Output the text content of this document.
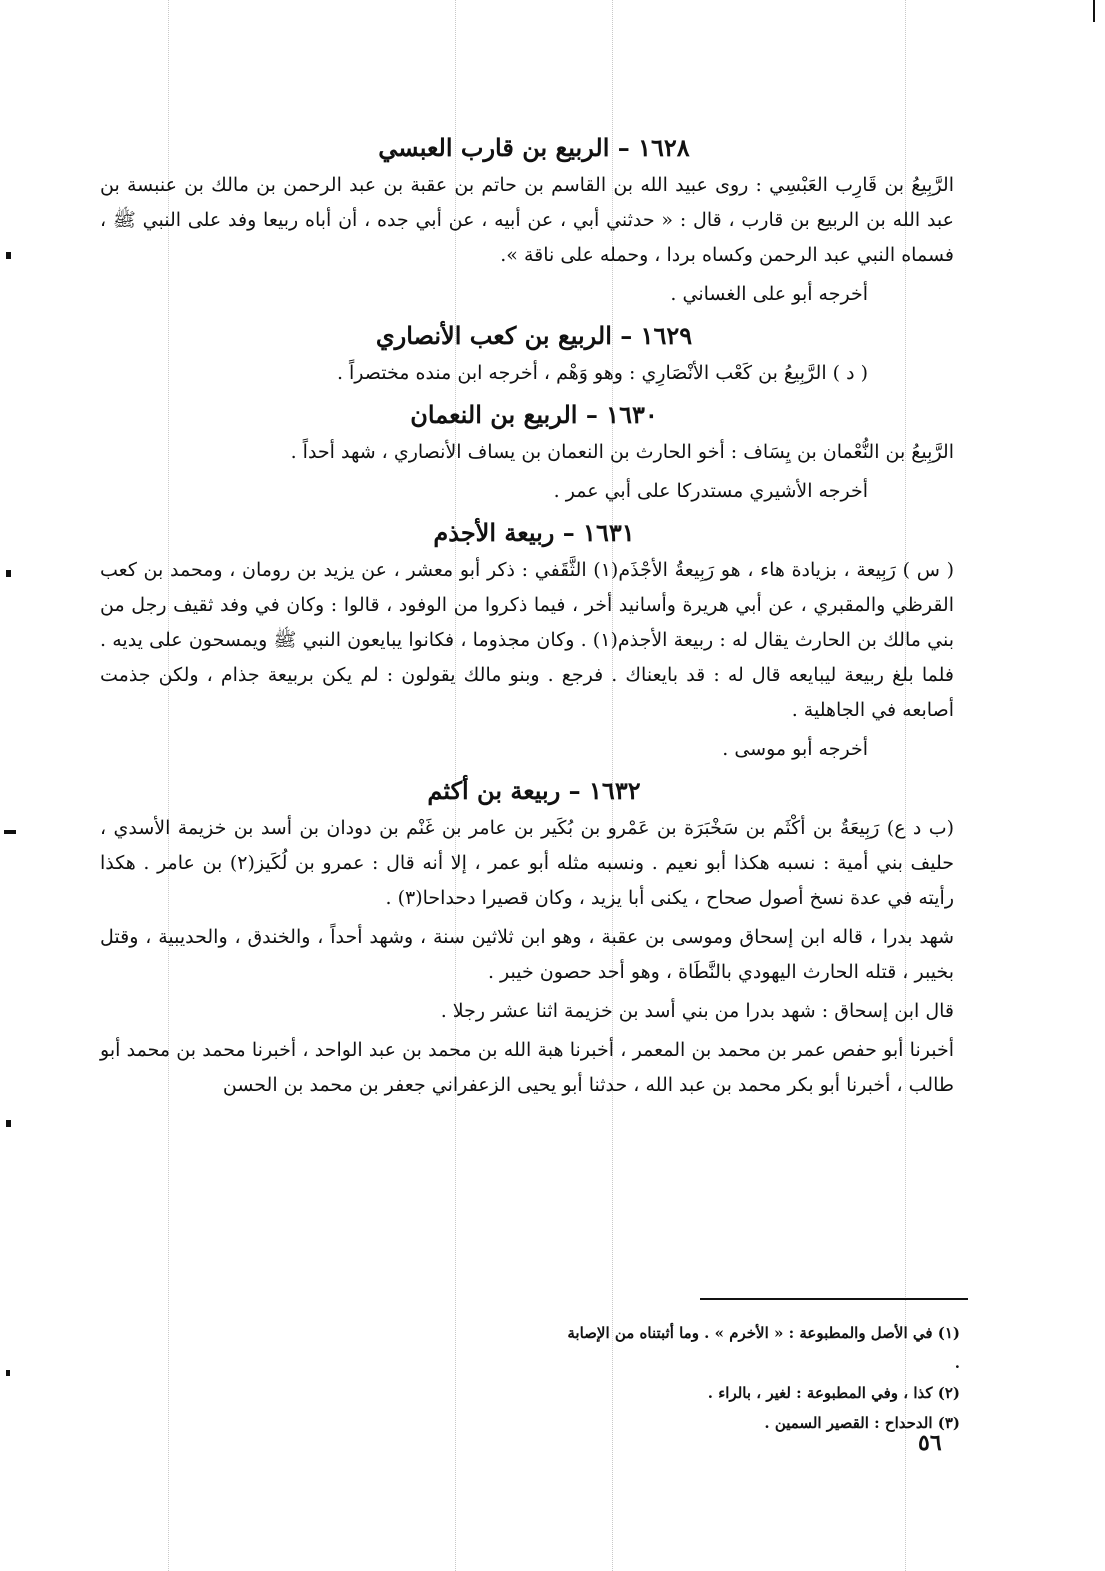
١٦٢٨ – الربيع بن قارب العبسي

الرَّبِيعُ بن قَارِب العَبْسِي : روى عبيد الله بن القاسم بن حاتم بن عقبة بن عبد الرحمن بن مالك بن عنبسة بن عبد الله بن الربيع بن قارب ، قال : « حدثني أبي ، عن أبيه ، عن أبي جده ، أن أباه ربيعا وفد على النبي ﷺ ، فسماه النبي عبد الرحمن وكساه بردا ، وحمله على ناقة ».

أخرجه أبو على الغساني .

١٦٢٩ – الربيع بن كعب الأنصاري

( د ) الرَّبِيعُ بن كَعْب الأنْصَارِي : وهو وَهْم ، أخرجه ابن منده مختصراً .

١٦٣٠ – الربيع بن النعمان

الرَّبِيعُ بن النُّعْمان بن يِسَاف : أخو الحارث بن النعمان بن يساف الأنصاري ، شهد أحداً .

أخرجه الأشيري مستدركا على أبي عمر .

١٦٣١ – ربيعة الأجذم

( س ) رَبِيعة ، بزيادة هاء ، هو رَبِيعةُ الأجْذَم(١) الثَّقَفي : ذكر أبو معشر ، عن يزيد بن رومان ، ومحمد بن كعب القرظي والمقبري ، عن أبي هريرة وأسانيد أخر ، فيما ذكروا من الوفود ، قالوا : وكان في وفد ثقيف رجل من بني مالك بن الحارث يقال له : ربيعة الأجذم(١) . وكان مجذوما ، فكانوا يبايعون النبي ﷺ ويمسحون على يديه . فلما بلغ ربيعة ليبايعه قال له : قد بايعناك . فرجع . وبنو مالك يقولون : لم يكن بربيعة جذام ، ولكن جذمت أصابعه في الجاهلية .

أخرجه أبو موسى .

١٦٣٢ – ربيعة بن أكثم

(ب د ع) رَبِيعَةُ بن أكْثَم بن سَخْبَرَة بن عَمْرو بن بُكَير بن عامر بن غَنْم بن دودان بن أسد بن خزيمة الأسدي ، حليف بني أمية : نسبه هكذا أبو نعيم . ونسبه مثله أبو عمر ، إلا أنه قال : عمرو بن لُكَيز(٢) بن عامر . هكذا رأيته في عدة نسخ أصول صحاح ، يكنى أبا يزيد ، وكان قصيرا دحداحا(٣) .

شهد بدرا ، قاله ابن إسحاق وموسى بن عقبة ، وهو ابن ثلاثين سنة ، وشهد أحداً ، والخندق ، والحديبية ، وقتل بخيبر ، قتله الحارث اليهودي بالنَّطَاة ، وهو أحد حصون خيبر .

قال ابن إسحاق : شهد بدرا من بني أسد بن خزيمة اثنا عشر رجلا .

أخبرنا أبو حفص عمر بن محمد بن المعمر ، أخبرنا هبة الله بن محمد بن عبد الواحد ، أخبرنا محمد بن محمد أبو طالب ، أخبرنا أبو بكر محمد بن عبد الله ، حدثنا أبو يحيى الزعفراني جعفر بن محمد بن الحسن

(١) في الأصل والمطبوعة : « الأخرم » . وما أثبتناه من الإصابة .
(٢) كذا ، وفي المطبوعة : لغير ، بالراء .
(٣) الدحداح : القصير السمين .
٥٦
